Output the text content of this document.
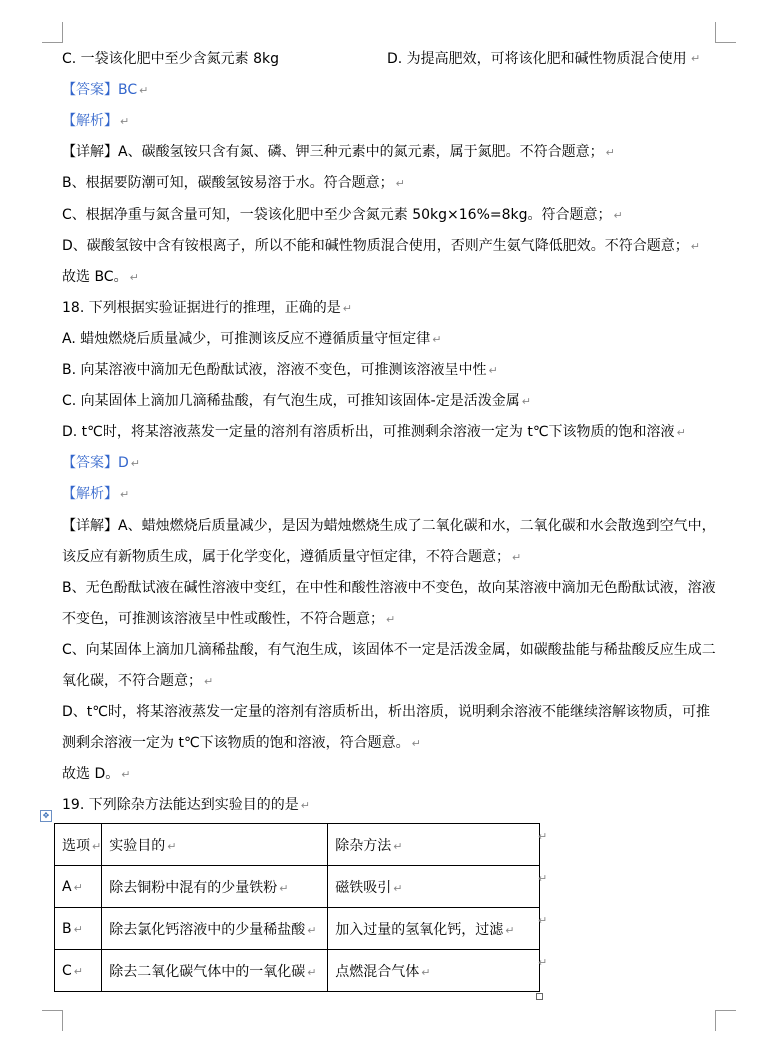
C. 一袋该化肥中至少含氮元素 8kg	D. 为提高肥效，可将该化肥和碱性物质混合使用 ↵
【答案】BC ↵
【解析】 ↵
【详解】A、碳酸氢铵只含有氮、磷、钾三种元素中的氮元素，属于氮肥。不符合题意； ↵
B、根据要防潮可知，碳酸氢铵易溶于水。符合题意； ↵
C、根据净重与氮含量可知，一袋该化肥中至少含氮元素 50kg×16%=8kg。符合题意； ↵
D、碳酸氢铵中含有铵根离子，所以不能和碱性物质混合使用，否则产生氨气降低肥效。不符合题意； ↵
故选 BC。 ↵
18. 下列根据实验证据进行的推理，正确的是 ↵
A. 蜡烛燃烧后质量减少，可推测该反应不遵循质量守恒定律 ↵
B. 向某溶液中滴加无色酚酞试液，溶液不变色，可推测该溶液呈中性 ↵
C. 向某固体上滴加几滴稀盐酸，有气泡生成，可推知该固体-定是活泼金属 ↵
D. t℃时，将某溶液蒸发一定量的溶剂有溶质析出，可推测剩余溶液一定为 t℃下该物质的饱和溶液 ↵
【答案】D ↵
【解析】 ↵
【详解】A、蜡烛燃烧后质量减少，是因为蜡烛燃烧生成了二氧化碳和水，二氧化碳和水会散逸到空气中，
该反应有新物质生成，属于化学变化，遵循质量守恒定律，不符合题意； ↵
B、无色酚酞试液在碱性溶液中变红，在中性和酸性溶液中不变色，故向某溶液中滴加无色酚酞试液，溶液
不变色，可推测该溶液呈中性或酸性，不符合题意； ↵
C、向某固体上滴加几滴稀盐酸，有气泡生成，该固体不一定是活泼金属，如碳酸盐能与稀盐酸反应生成二
氧化碳，不符合题意； ↵
D、t℃时，将某溶液蒸发一定量的溶剂有溶质析出，析出溶质，说明剩余溶液不能继续溶解该物质，可推
测剩余溶液一定为 t℃下该物质的饱和溶液，符合题意。 ↵
故选 D。 ↵
19. 下列除杂方法能达到实验目的的是 ↵
✥
选项 ↵	实验目的 ↵	除杂方法 ↵
A ↵	除去铜粉中混有的少量铁粉 ↵	磁铁吸引 ↵
B ↵	除去氯化钙溶液中的少量稀盐酸 ↵	加入过量的氢氧化钙，过滤 ↵
C ↵	除去二氧化碳气体中的一氧化碳 ↵	点燃混合气体 ↵
↵
↵
↵
↵
